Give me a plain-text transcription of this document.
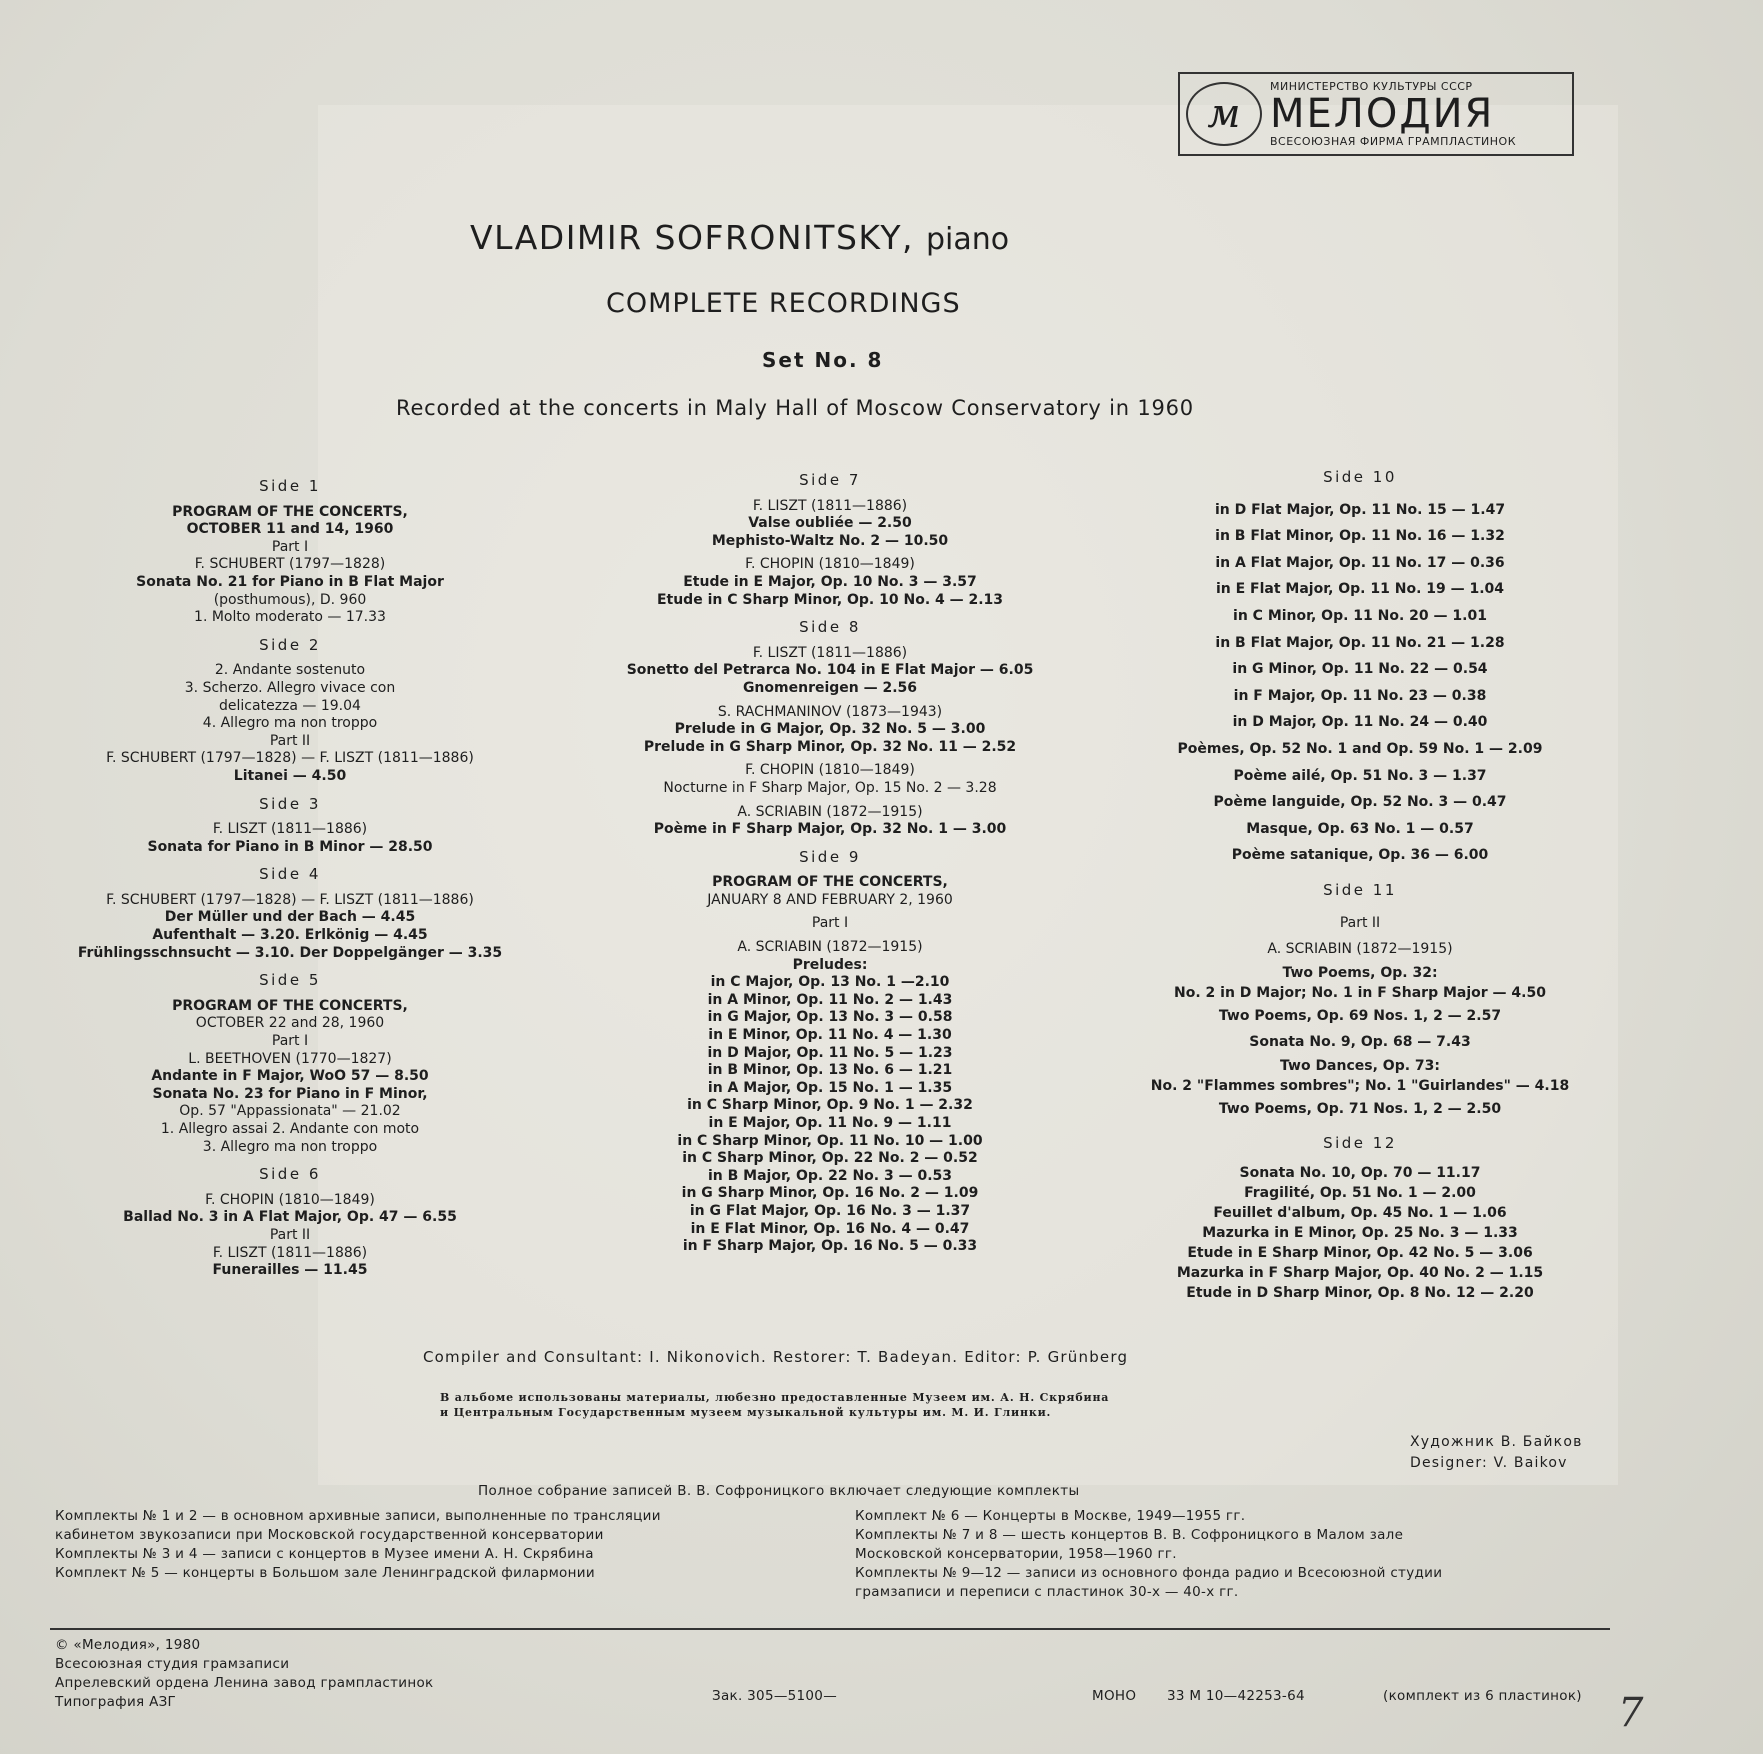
м
МИНИСТЕРСТВО КУЛЬТУРЫ СССР
МЕЛОДИЯ
ВСЕСОЮЗНАЯ ФИРМА ГРАМПЛАСТИНОК
VLADIMIR SOFRONITSKY, piano
COMPLETE RECORDINGS
Set No. 8
Recorded at the concerts in Maly Hall of Moscow Conservatory in 1960
Side 1
PROGRAM OF THE CONCERTS,
OCTOBER 11 and 14, 1960
Part I
F. SCHUBERT (1797—1828)
Sonata No. 21 for Piano in B Flat Major
(posthumous), D. 960
1. Molto moderato — 17.33
Side 2
2. Andante sostenuto
3. Scherzo. Allegro vivace con
delicatezza — 19.04
4. Allegro ma non troppo
Part II
F. SCHUBERT (1797—1828) — F. LISZT (1811—1886)
Litanei — 4.50
Side 3
F. LISZT (1811—1886)
Sonata for Piano in B Minor — 28.50
Side 4
F. SCHUBERT (1797—1828) — F. LISZT (1811—1886)
Der Müller und der Bach — 4.45
Aufenthalt — 3.20. Erlkönig — 4.45
Frühlingsschnsucht — 3.10. Der Doppelgänger — 3.35
Side 5
PROGRAM OF THE CONCERTS,
OCTOBER 22 and 28, 1960
Part I
L. BEETHOVEN (1770—1827)
Andante in F Major, WoO 57 — 8.50
Sonata No. 23 for Piano in F Minor,
Op. 57 "Appassionata" — 21.02
1. Allegro assai 2. Andante con moto
3. Allegro ma non troppo
Side 6
F. CHOPIN (1810—1849)
Ballad No. 3 in A Flat Major, Op. 47 — 6.55
Part II
F. LISZT (1811—1886)
Funerailles — 11.45
Side 7
F. LISZT (1811—1886)
Valse oubliée — 2.50
Mephisto-Waltz No. 2 — 10.50
F. CHOPIN (1810—1849)
Etude in E Major, Op. 10 No. 3 — 3.57
Etude in C Sharp Minor, Op. 10 No. 4 — 2.13
Side 8
F. LISZT (1811—1886)
Sonetto del Petrarca No. 104 in E Flat Major — 6.05
Gnomenreigen — 2.56
S. RACHMANINOV (1873—1943)
Prelude in G Major, Op. 32 No. 5 — 3.00
Prelude in G Sharp Minor, Op. 32 No. 11 — 2.52
F. CHOPIN (1810—1849)
Nocturne in F Sharp Major, Op. 15 No. 2 — 3.28
A. SCRIABIN (1872—1915)
Poème in F Sharp Major, Op. 32 No. 1 — 3.00
Side 9
PROGRAM OF THE CONCERTS,
JANUARY 8 AND FEBRUARY 2, 1960
Part I
A. SCRIABIN (1872—1915)
Preludes:
in C Major, Op. 13 No. 1 —2.10
in A Minor, Op. 11 No. 2 — 1.43
in G Major, Op. 13 No. 3 — 0.58
in E Minor, Op. 11 No. 4 — 1.30
in D Major, Op. 11 No. 5 — 1.23
in B Minor, Op. 13 No. 6 — 1.21
in A Major, Op. 15 No. 1 — 1.35
in C Sharp Minor, Op. 9 No. 1 — 2.32
in E Major, Op. 11 No. 9 — 1.11
in C Sharp Minor, Op. 11 No. 10 — 1.00
in C Sharp Minor, Op. 22 No. 2 — 0.52
in B Major, Op. 22 No. 3 — 0.53
in G Sharp Minor, Op. 16 No. 2 — 1.09
in G Flat Major, Op. 16 No. 3 — 1.37
in E Flat Minor, Op. 16 No. 4 — 0.47
in F Sharp Major, Op. 16 No. 5 — 0.33
Side 10
in D Flat Major, Op. 11 No. 15 — 1.47
in B Flat Minor, Op. 11 No. 16 — 1.32
in A Flat Major, Op. 11 No. 17 — 0.36
in E Flat Major, Op. 11 No. 19 — 1.04
in C Minor, Op. 11 No. 20 — 1.01
in B Flat Major, Op. 11 No. 21 — 1.28
in G Minor, Op. 11 No. 22 — 0.54
in F Major, Op. 11 No. 23 — 0.38
in D Major, Op. 11 No. 24 — 0.40
Poèmes, Op. 52 No. 1 and Op. 59 No. 1 — 2.09
Poème ailé, Op. 51 No. 3 — 1.37
Poème languide, Op. 52 No. 3 — 0.47
Masque, Op. 63 No. 1 — 0.57
Poème satanique, Op. 36 — 6.00
Side 11
Part II
A. SCRIABIN (1872—1915)
Two Poems, Op. 32:
No. 2 in D Major; No. 1 in F Sharp Major — 4.50
Two Poems, Op. 69 Nos. 1, 2 — 2.57
Sonata No. 9, Op. 68 — 7.43
Two Dances, Op. 73:
No. 2 "Flammes sombres"; No. 1 "Guirlandes" — 4.18
Two Poems, Op. 71 Nos. 1, 2 — 2.50
Side 12
Sonata No. 10, Op. 70 — 11.17
Fragilité, Op. 51 No. 1 — 2.00
Feuillet d'album, Op. 45 No. 1 — 1.06
Mazurka in E Minor, Op. 25 No. 3 — 1.33
Etude in E Sharp Minor, Op. 42 No. 5 — 3.06
Mazurka in F Sharp Major, Op. 40 No. 2 — 1.15
Etude in D Sharp Minor, Op. 8 No. 12 — 2.20
Compiler and Consultant: I. Nikonovich. Restorer: T. Badeyan. Editor: P. Grünberg
В альбоме использованы материалы, любезно предоставленные Музеем им. А. Н. Скрябина
и Центральным Государственным музеем музыкальной культуры им. М. И. Глинки.
Художник В. Байков
Designer: V. Baikov
Полное собрание записей В. В. Софроницкого включает следующие комплекты
Комплекты № 1 и 2 — в основном архивные записи, выполненные по трансляции
кабинетом звукозаписи при Московской государственной консерватории
Комплекты № 3 и 4 — записи с концертов в Музее имени А. Н. Скрябина
Комплект № 5 — концерты в Большом зале Ленинградской филармонии
Комплект № 6 — Концерты в Москве, 1949—1955 гг.
Комплекты № 7 и 8 — шесть концертов В. В. Софроницкого в Малом зале
Московской консерватории, 1958—1960 гг.
Комплекты № 9—12 — записи из основного фонда радио и Всесоюзной студии
грамзаписи и переписи с пластинок 30-х — 40-х гг.
© «Мелодия», 1980
Всесоюзная студия грамзаписи
Апрелевский ордена Ленина завод грампластинок
Типография АЗГ	Зак. 305—5100—	МОНО 33 М 10—42253-64	(комплект из 6 пластинок) 7
